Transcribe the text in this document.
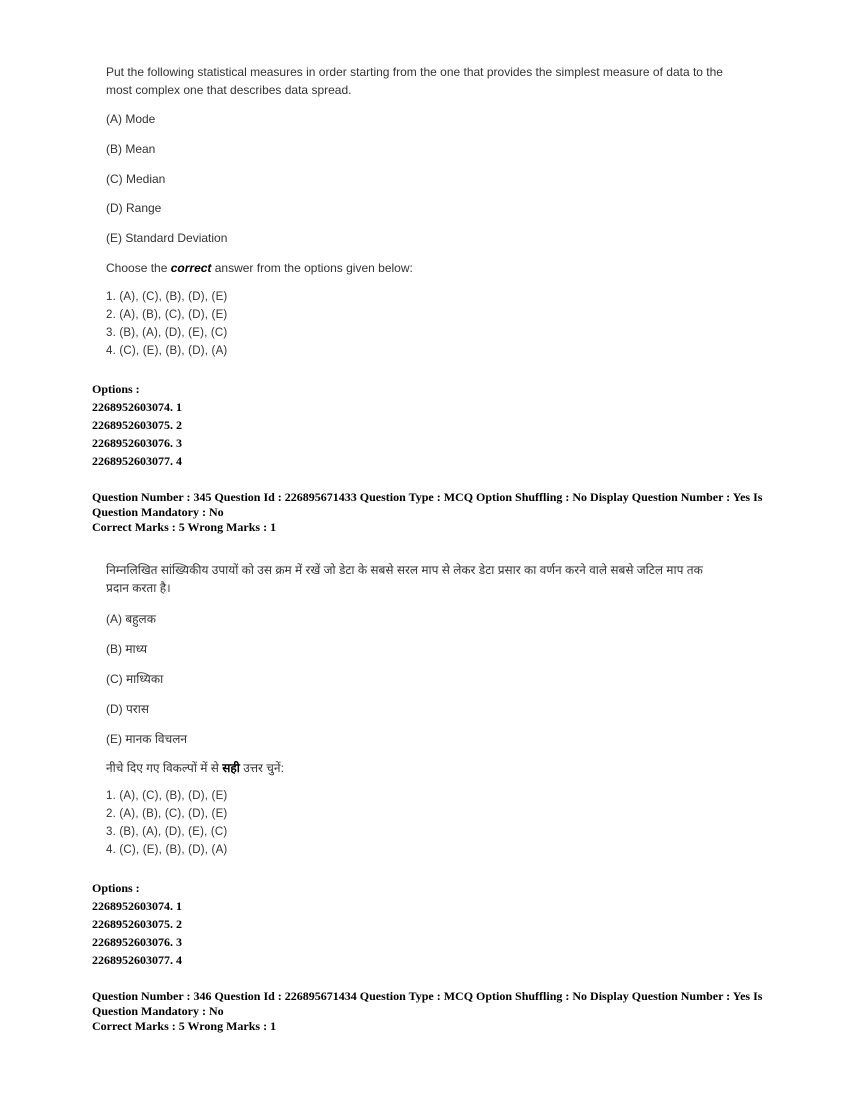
Put the following statistical measures in order starting from the one that provides the simplest measure of data to the most complex one that describes data spread.
(A) Mode
(B) Mean
(C) Median
(D) Range
(E) Standard Deviation
Choose the correct answer from the options given below:
1. (A), (C), (B), (D), (E)
2. (A), (B), (C), (D), (E)
3. (B), (A), (D), (E), (C)
4. (C), (E), (B), (D), (A)
Options :
2268952603074. 1
2268952603075. 2
2268952603076. 3
2268952603077. 4
Question Number : 345 Question Id : 226895671433 Question Type : MCQ Option Shuffling : No Display Question Number : Yes Is
Question Mandatory : No
Correct Marks : 5 Wrong Marks : 1
निम्नलिखित सांख्यिकीय उपायों को उस क्रम में रखें जो डेटा के सबसे सरल माप से लेकर डेटा प्रसार का वर्णन करने वाले सबसे जटिल माप तक प्रदान करता है।
(A) बहुलक
(B) माध्य
(C) माध्यिका
(D) परास
(E) मानक विचलन
नीचे दिए गए विकल्पों में से सही उत्तर चुनें:
1. (A), (C), (B), (D), (E)
2. (A), (B), (C), (D), (E)
3. (B), (A), (D), (E), (C)
4. (C), (E), (B), (D), (A)
Options :
2268952603074. 1
2268952603075. 2
2268952603076. 3
2268952603077. 4
Question Number : 346 Question Id : 226895671434 Question Type : MCQ Option Shuffling : No Display Question Number : Yes Is
Question Mandatory : No
Correct Marks : 5 Wrong Marks : 1
